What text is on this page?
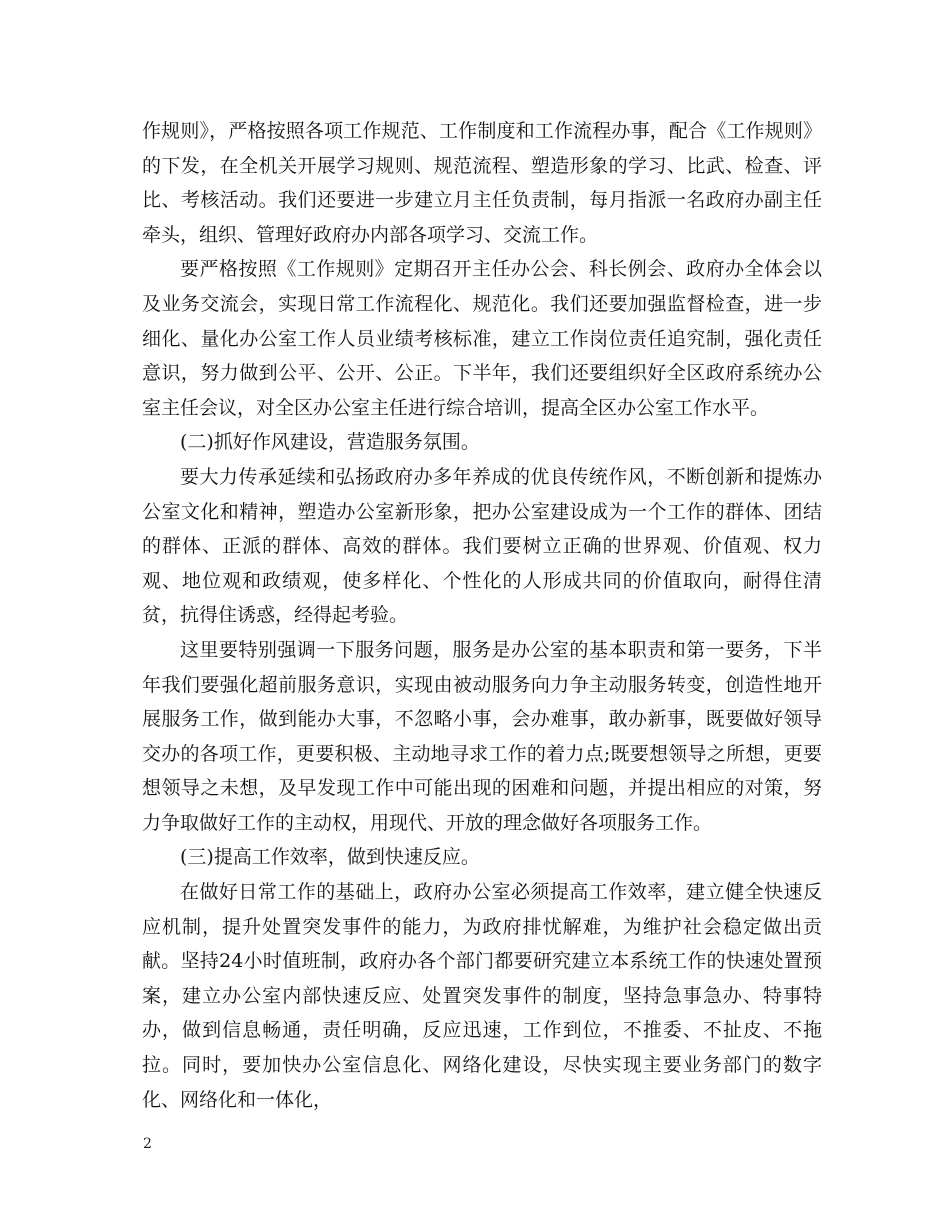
作规则》，严格按照各项工作规范、工作制度和工作流程办事，配合《工作规则》的下发，在全机关开展学习规则、规范流程、塑造形象的学习、比武、检查、评比、考核活动。我们还要进一步建立月主任负责制，每月指派一名政府办副主任牵头，组织、管理好政府办内部各项学习、交流工作。

要严格按照《工作规则》定期召开主任办公会、科长例会、政府办全体会以及业务交流会，实现日常工作流程化、规范化。我们还要加强监督检查，进一步细化、量化办公室工作人员业绩考核标准，建立工作岗位责任追究制，强化责任意识，努力做到公平、公开、公正。下半年，我们还要组织好全区政府系统办公室主任会议，对全区办公室主任进行综合培训，提高全区办公室工作水平。

(二)抓好作风建设，营造服务氛围。

要大力传承延续和弘扬政府办多年养成的优良传统作风，不断创新和提炼办公室文化和精神，塑造办公室新形象，把办公室建设成为一个工作的群体、团结的群体、正派的群体、高效的群体。我们要树立正确的世界观、价值观、权力观、地位观和政绩观，使多样化、个性化的人形成共同的价值取向，耐得住清贫，抗得住诱惑，经得起考验。

这里要特别强调一下服务问题，服务是办公室的基本职责和第一要务，下半年我们要强化超前服务意识，实现由被动服务向力争主动服务转变，创造性地开展服务工作，做到能办大事，不忽略小事，会办难事，敢办新事，既要做好领导交办的各项工作，更要积极、主动地寻求工作的着力点;既要想领导之所想，更要想领导之未想，及早发现工作中可能出现的困难和问题，并提出相应的对策，努力争取做好工作的主动权，用现代、开放的理念做好各项服务工作。

(三)提高工作效率，做到快速反应。

在做好日常工作的基础上，政府办公室必须提高工作效率，建立健全快速反应机制，提升处置突发事件的能力，为政府排忧解难，为维护社会稳定做出贡献。坚持24小时值班制，政府办各个部门都要研究建立本系统工作的快速处置预案，建立办公室内部快速反应、处置突发事件的制度，坚持急事急办、特事特办，做到信息畅通，责任明确，反应迅速，工作到位，不推委、不扯皮、不拖拉。同时，要加快办公室信息化、网络化建设，尽快实现主要业务部门的数字化、网络化和一体化，

2
